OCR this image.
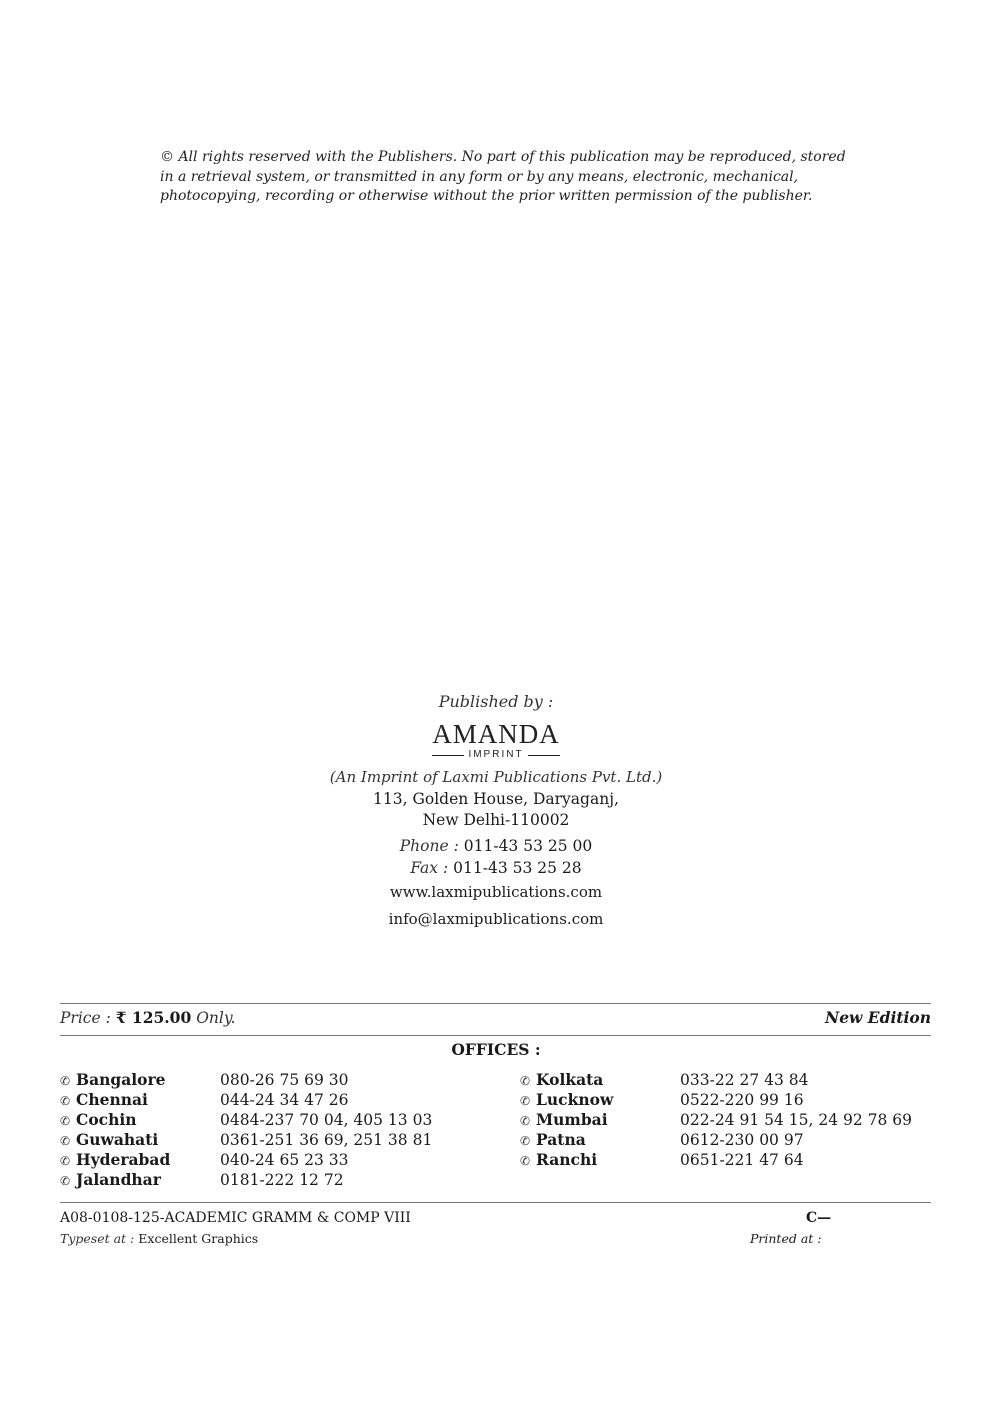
© All rights reserved with the Publishers. No part of this publication may be reproduced, stored in a retrieval system, or transmitted in any form or by any means, electronic, mechanical, photocopying, recording or otherwise without the prior written permission of the publisher.
Published by :
AMANDA
IMPRINT
(An Imprint of Laxmi Publications Pvt. Ltd.)
113, Golden House, Daryaganj,
New Delhi-110002
Phone : 011-43 53 25 00
Fax : 011-43 53 25 28
www.laxmipublications.com
info@laxmipublications.com
Price : ₹ 125.00 Only.	New Edition
OFFICES :
✆ Bangalore	080-26 75 69 30
✆ Chennai	044-24 34 47 26
✆ Cochin	0484-237 70 04, 405 13 03
✆ Guwahati	0361-251 36 69, 251 38 81
✆ Hyderabad	040-24 65 23 33
✆ Jalandhar	0181-222 12 72
✆ Kolkata	033-22 27 43 84
✆ Lucknow	0522-220 99 16
✆ Mumbai	022-24 91 54 15, 24 92 78 69
✆ Patna	0612-230 00 97
✆ Ranchi	0651-221 47 64
A08-0108-125-ACADEMIC GRAMM & COMP VIII	C—
Typeset at : Excellent Graphics	Printed at :
